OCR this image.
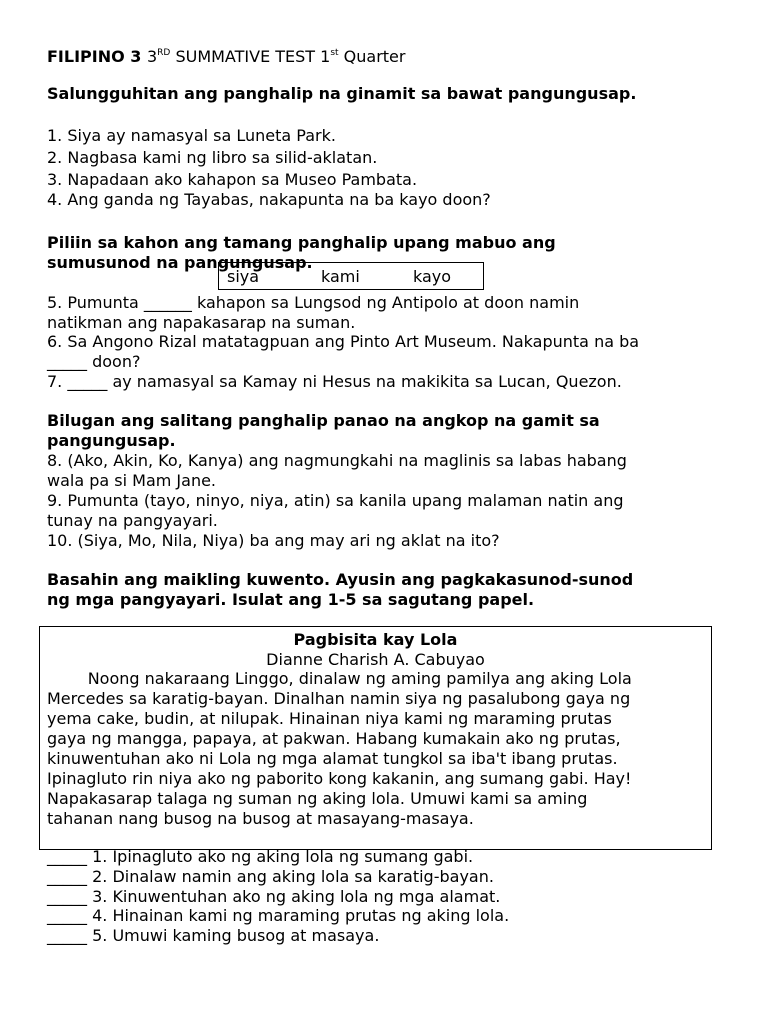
FILIPINO 3 3RD SUMMATIVE TEST 1st Quarter
Salungguhitan ang panghalip na ginamit sa bawat pangungusap.
1. Siya ay namasyal sa Luneta Park.
2. Nagbasa kami ng libro sa silid-aklatan.
3. Napadaan ako kahapon sa Museo Pambata.
4. Ang ganda ng Tayabas, nakapunta na ba kayo doon?
Piliin sa kahon ang tamang panghalip upang mabuo ang
sumusunod na pangungusap.
siya	kami	kayo
5. Pumunta ______ kahapon sa Lungsod ng Antipolo at doon namin
natikman ang napakasarap na suman.
6. Sa Angono Rizal matatagpuan ang Pinto Art Museum. Nakapunta na ba
_____ doon?
7. _____ ay namasyal sa Kamay ni Hesus na makikita sa Lucan, Quezon.
Bilugan ang salitang panghalip panao na angkop na gamit sa
pangungusap.
8. (Ako, Akin, Ko, Kanya) ang nagmungkahi na maglinis sa labas habang
wala pa si Mam Jane.
9. Pumunta (tayo, ninyo, niya, atin) sa kanila upang malaman natin ang
tunay na pangyayari.
10. (Siya, Mo, Nila, Niya) ba ang may ari ng aklat na ito?
Basahin ang maikling kuwento. Ayusin ang pagkakasunod-sunod
ng mga pangyayari. Isulat ang 1-5 sa sagutang papel.
Pagbisita kay Lola
Dianne Charish A. Cabuyao
Noong nakaraang Linggo, dinalaw ng aming pamilya ang aking Lola
Mercedes sa karatig-bayan. Dinalhan namin siya ng pasalubong gaya ng
yema cake, budin, at nilupak. Hinainan niya kami ng maraming prutas
gaya ng mangga, papaya, at pakwan. Habang kumakain ako ng prutas,
kinuwentuhan ako ni Lola ng mga alamat tungkol sa iba't ibang prutas.
Ipinagluto rin niya ako ng paborito kong kakanin, ang sumang gabi. Hay!
Napakasarap talaga ng suman ng aking lola. Umuwi kami sa aming
tahanan nang busog na busog at masayang-masaya.
_____ 1. Ipinagluto ako ng aking lola ng sumang gabi.
_____ 2. Dinalaw namin ang aking lola sa karatig-bayan.
_____ 3. Kinuwentuhan ako ng aking lola ng mga alamat.
_____ 4. Hinainan kami ng maraming prutas ng aking lola.
_____ 5. Umuwi kaming busog at masaya.
